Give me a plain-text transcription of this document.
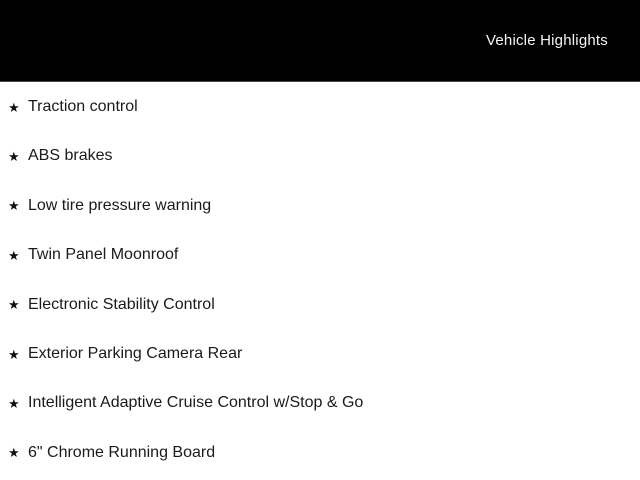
Vehicle Highlights
★ Traction control
★ ABS brakes
★ Low tire pressure warning
★ Twin Panel Moonroof
★ Electronic Stability Control
★ Exterior Parking Camera Rear
★ Intelligent Adaptive Cruise Control w/Stop & Go
★ 6" Chrome Running Board
